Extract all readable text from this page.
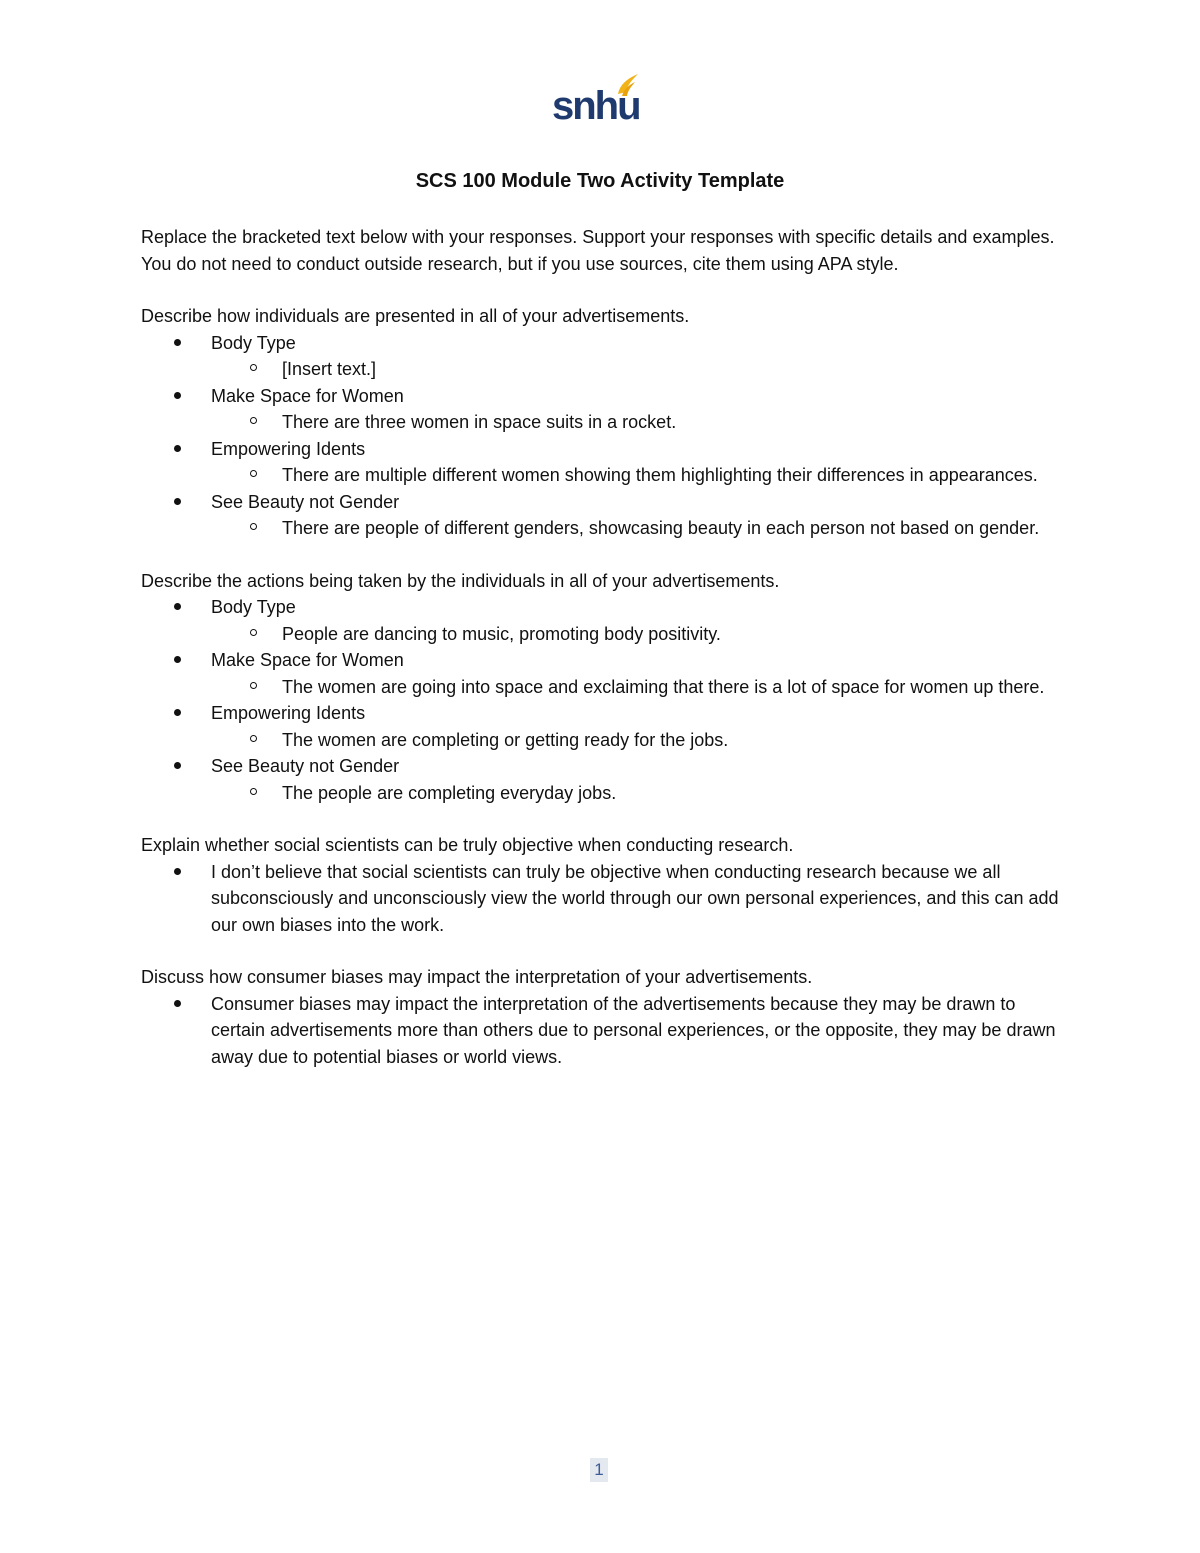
snhu
SCS 100 Module Two Activity Template

Replace the bracketed text below with your responses. Support your responses with specific details and examples. You do not need to conduct outside research, but if you use sources, cite them using APA style.

Describe how individuals are presented in all of your advertisements.

Body Type
[Insert text.]
Make Space for Women
There are three women in space suits in a rocket.
Empowering Idents
There are multiple different women showing them highlighting their differences in appearances.
See Beauty not Gender
There are people of different genders, showcasing beauty in each person not based on gender.

Describe the actions being taken by the individuals in all of your advertisements.

Body Type
People are dancing to music, promoting body positivity.
Make Space for Women
The women are going into space and exclaiming that there is a lot of space for women up there.
Empowering Idents
The women are completing or getting ready for the jobs.
See Beauty not Gender
The people are completing everyday jobs.

Explain whether social scientists can be truly objective when conducting research.

I don’t believe that social scientists can truly be objective when conducting research because we all subconsciously and unconsciously view the world through our own personal experiences, and this can add our own biases into the work.

Discuss how consumer biases may impact the interpretation of your advertisements.

Consumer biases may impact the interpretation of the advertisements because they may be drawn to certain advertisements more than others due to personal experiences, or the opposite, they may be drawn away due to potential biases or world views.
1
